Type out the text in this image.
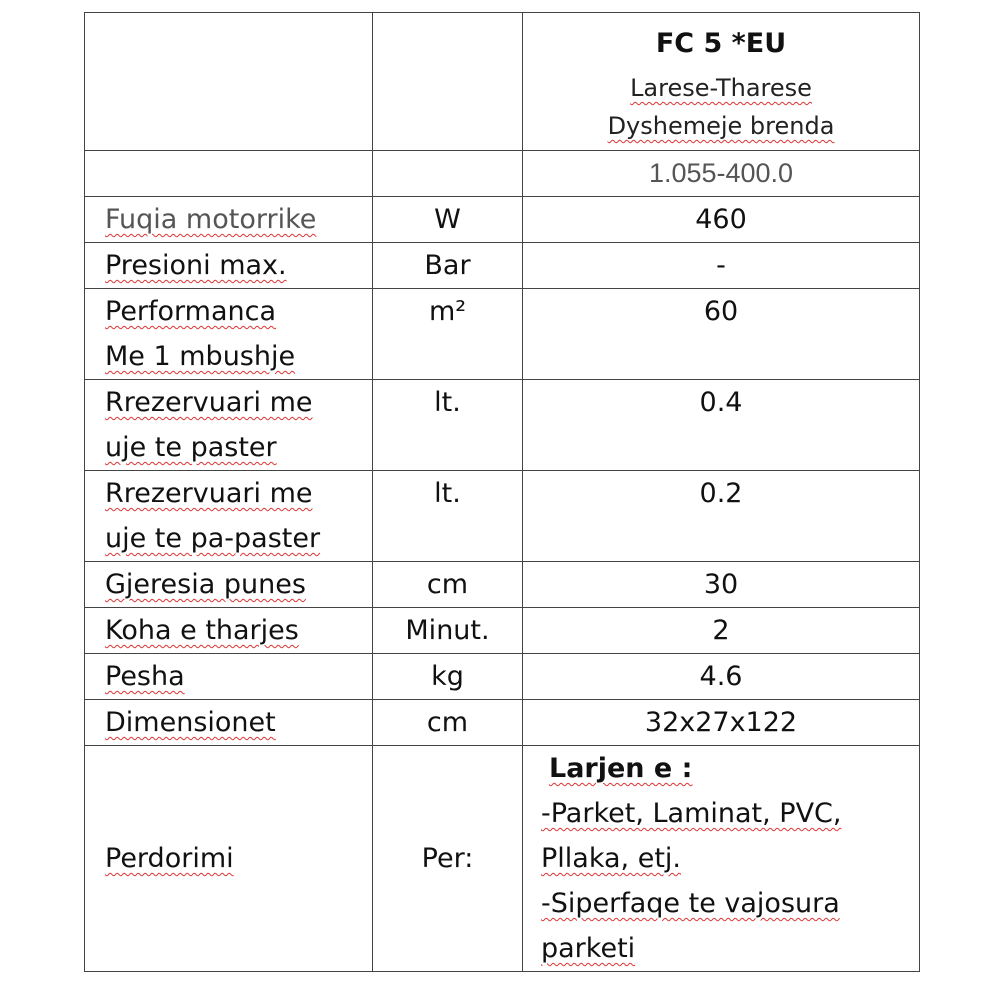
		FC 5 *EU
Larese-Tharese
Dyshemeje brenda

		1.055-400.0
Fuqia motorrike	W	460
Presioni max.	Bar	-

Performanca
Me 1 mbushje	m²	60

Rrezervuari me
uje te paster	lt.	0.4

Rrezervuari me
uje te pa-paster	lt.	0.2
Gjeresia punes	cm	30
Koha e tharjes	Minut.	2
Pesha	kg	4.6
Dimensionet	cm	32x27x122
Perdorimi	Per:	Larjen e :
-Parket, Laminat, PVC,
Pllaka, etj.
-Siperfaqe te vajosura
parketi
